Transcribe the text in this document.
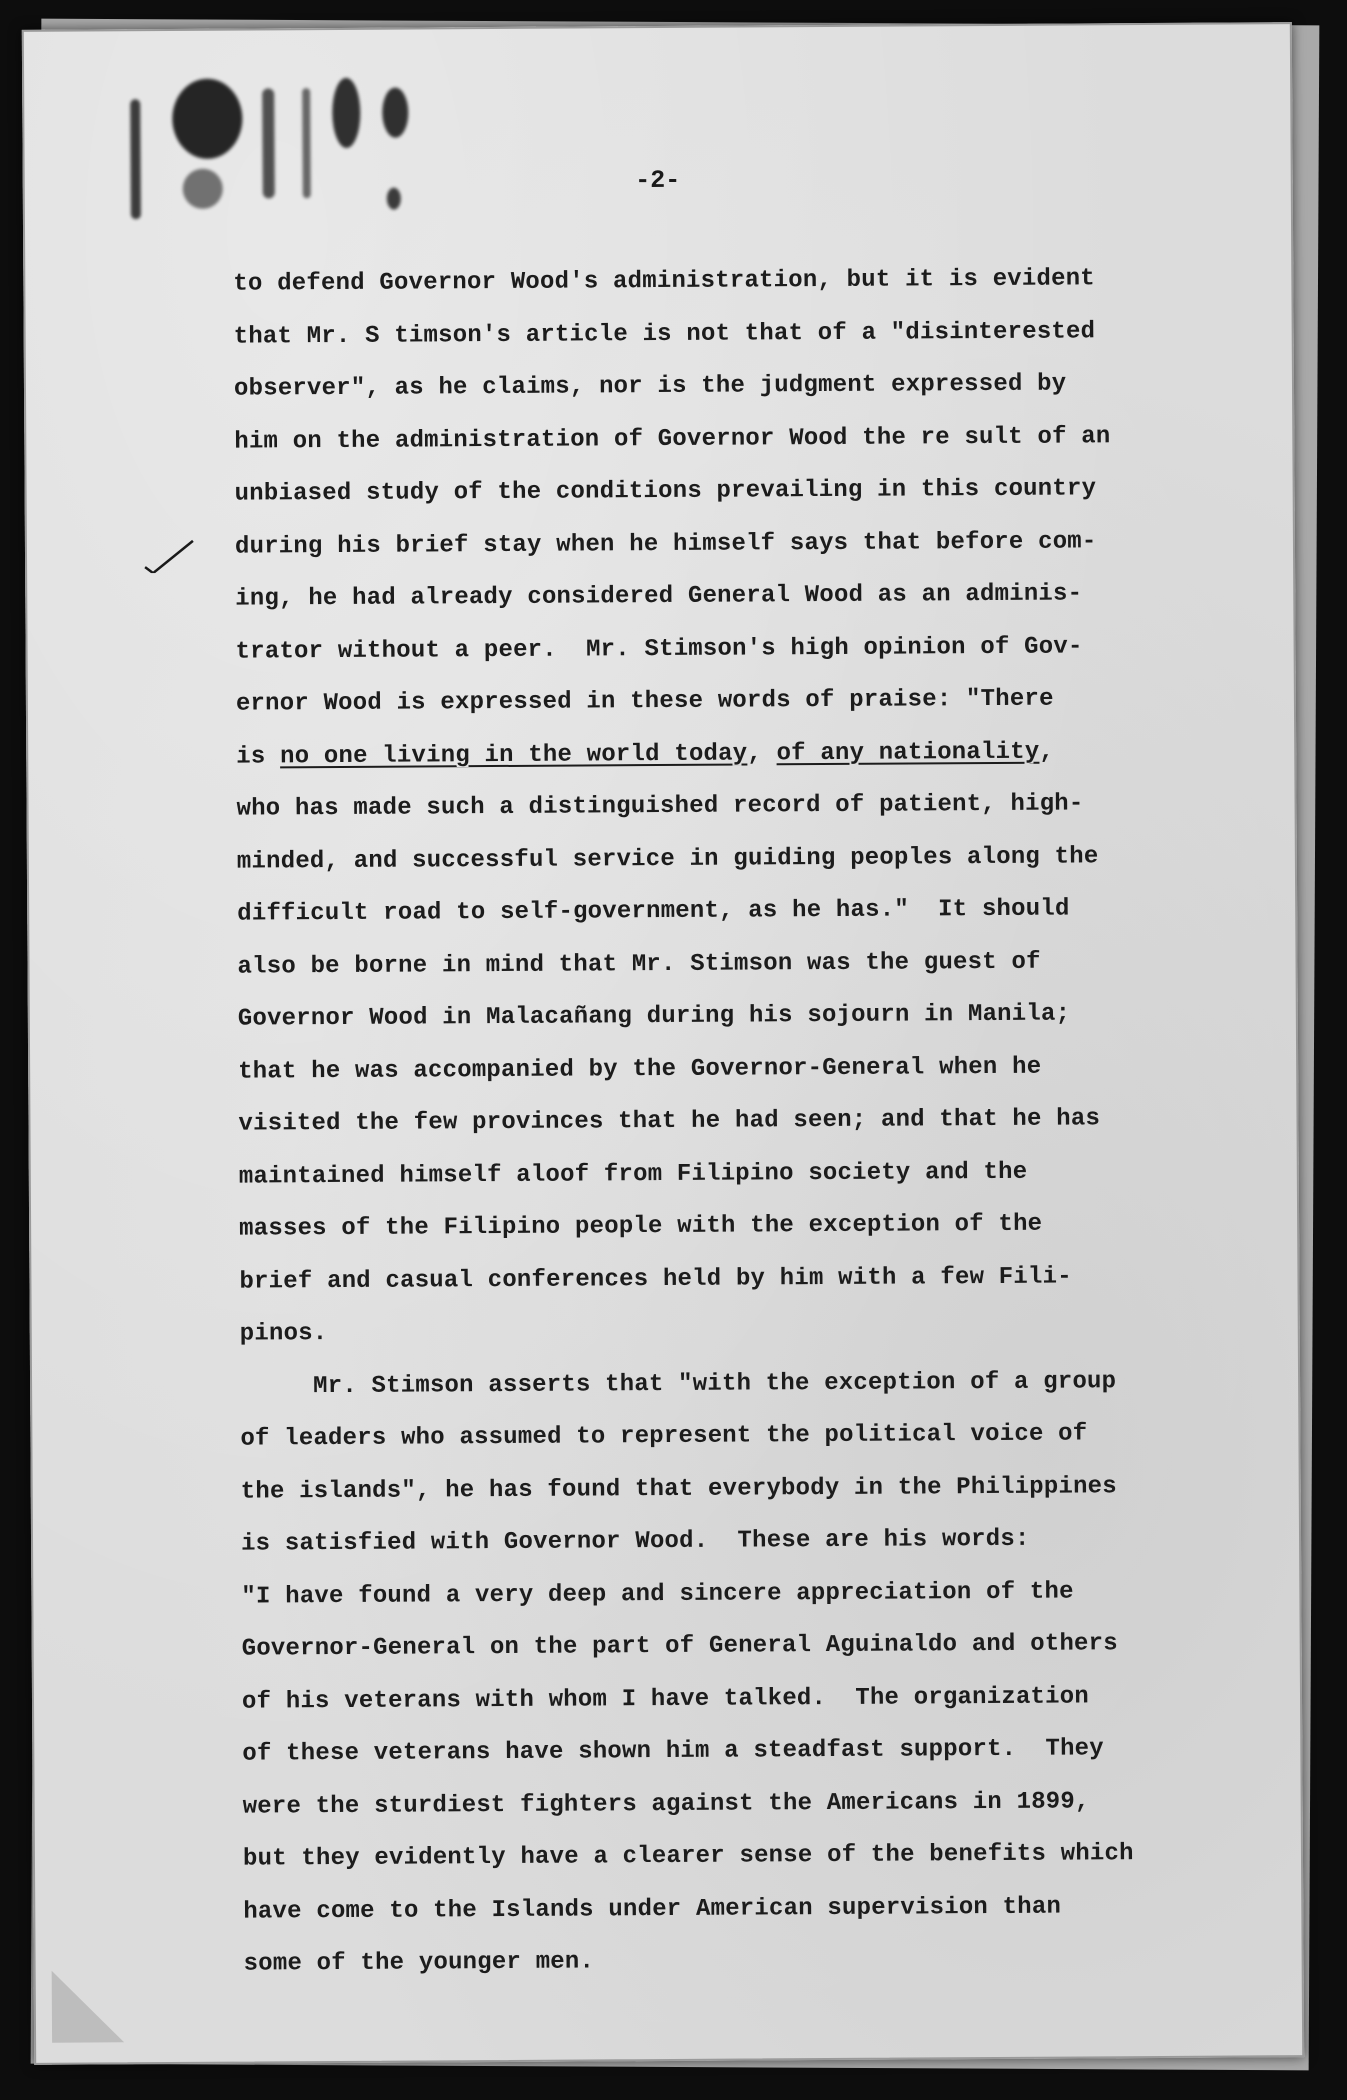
-2-
to defend Governor Wood's administration, but it is evident
that Mr. S timson's article is not that of a "disinterested
observer", as he claims, nor is the judgment expressed by
him on the administration of Governor Wood the re sult of an
unbiased study of the conditions prevailing in this country
during his brief stay when he himself says that before com-
ing, he had already considered General Wood as an adminis-
trator without a peer.  Mr. Stimson's high opinion of Gov-
ernor Wood is expressed in these words of praise: "There
is no one living in the world today, of any nationality,
who has made such a distinguished record of patient, high-
minded, and successful service in guiding peoples along the
difficult road to self-government, as he has."  It should
also be borne in mind that Mr. Stimson was the guest of
Governor Wood in Malacañang during his sojourn in Manila;
that he was accompanied by the Governor-General when he
visited the few provinces that he had seen; and that he has
maintained himself aloof from Filipino society and the
masses of the Filipino people with the exception of the
brief and casual conferences held by him with a few Fili-
pinos.
Mr. Stimson asserts that "with the exception of a group
of leaders who assumed to represent the political voice of
the islands", he has found that everybody in the Philippines
is satisfied with Governor Wood.  These are his words:
"I have found a very deep and sincere appreciation of the
Governor-General on the part of General Aguinaldo and others
of his veterans with whom I have talked.  The organization
of these veterans have shown him a steadfast support.  They
were the sturdiest fighters against the Americans in 1899,
but they evidently have a clearer sense of the benefits which
have come to the Islands under American supervision than
some of the younger men.
